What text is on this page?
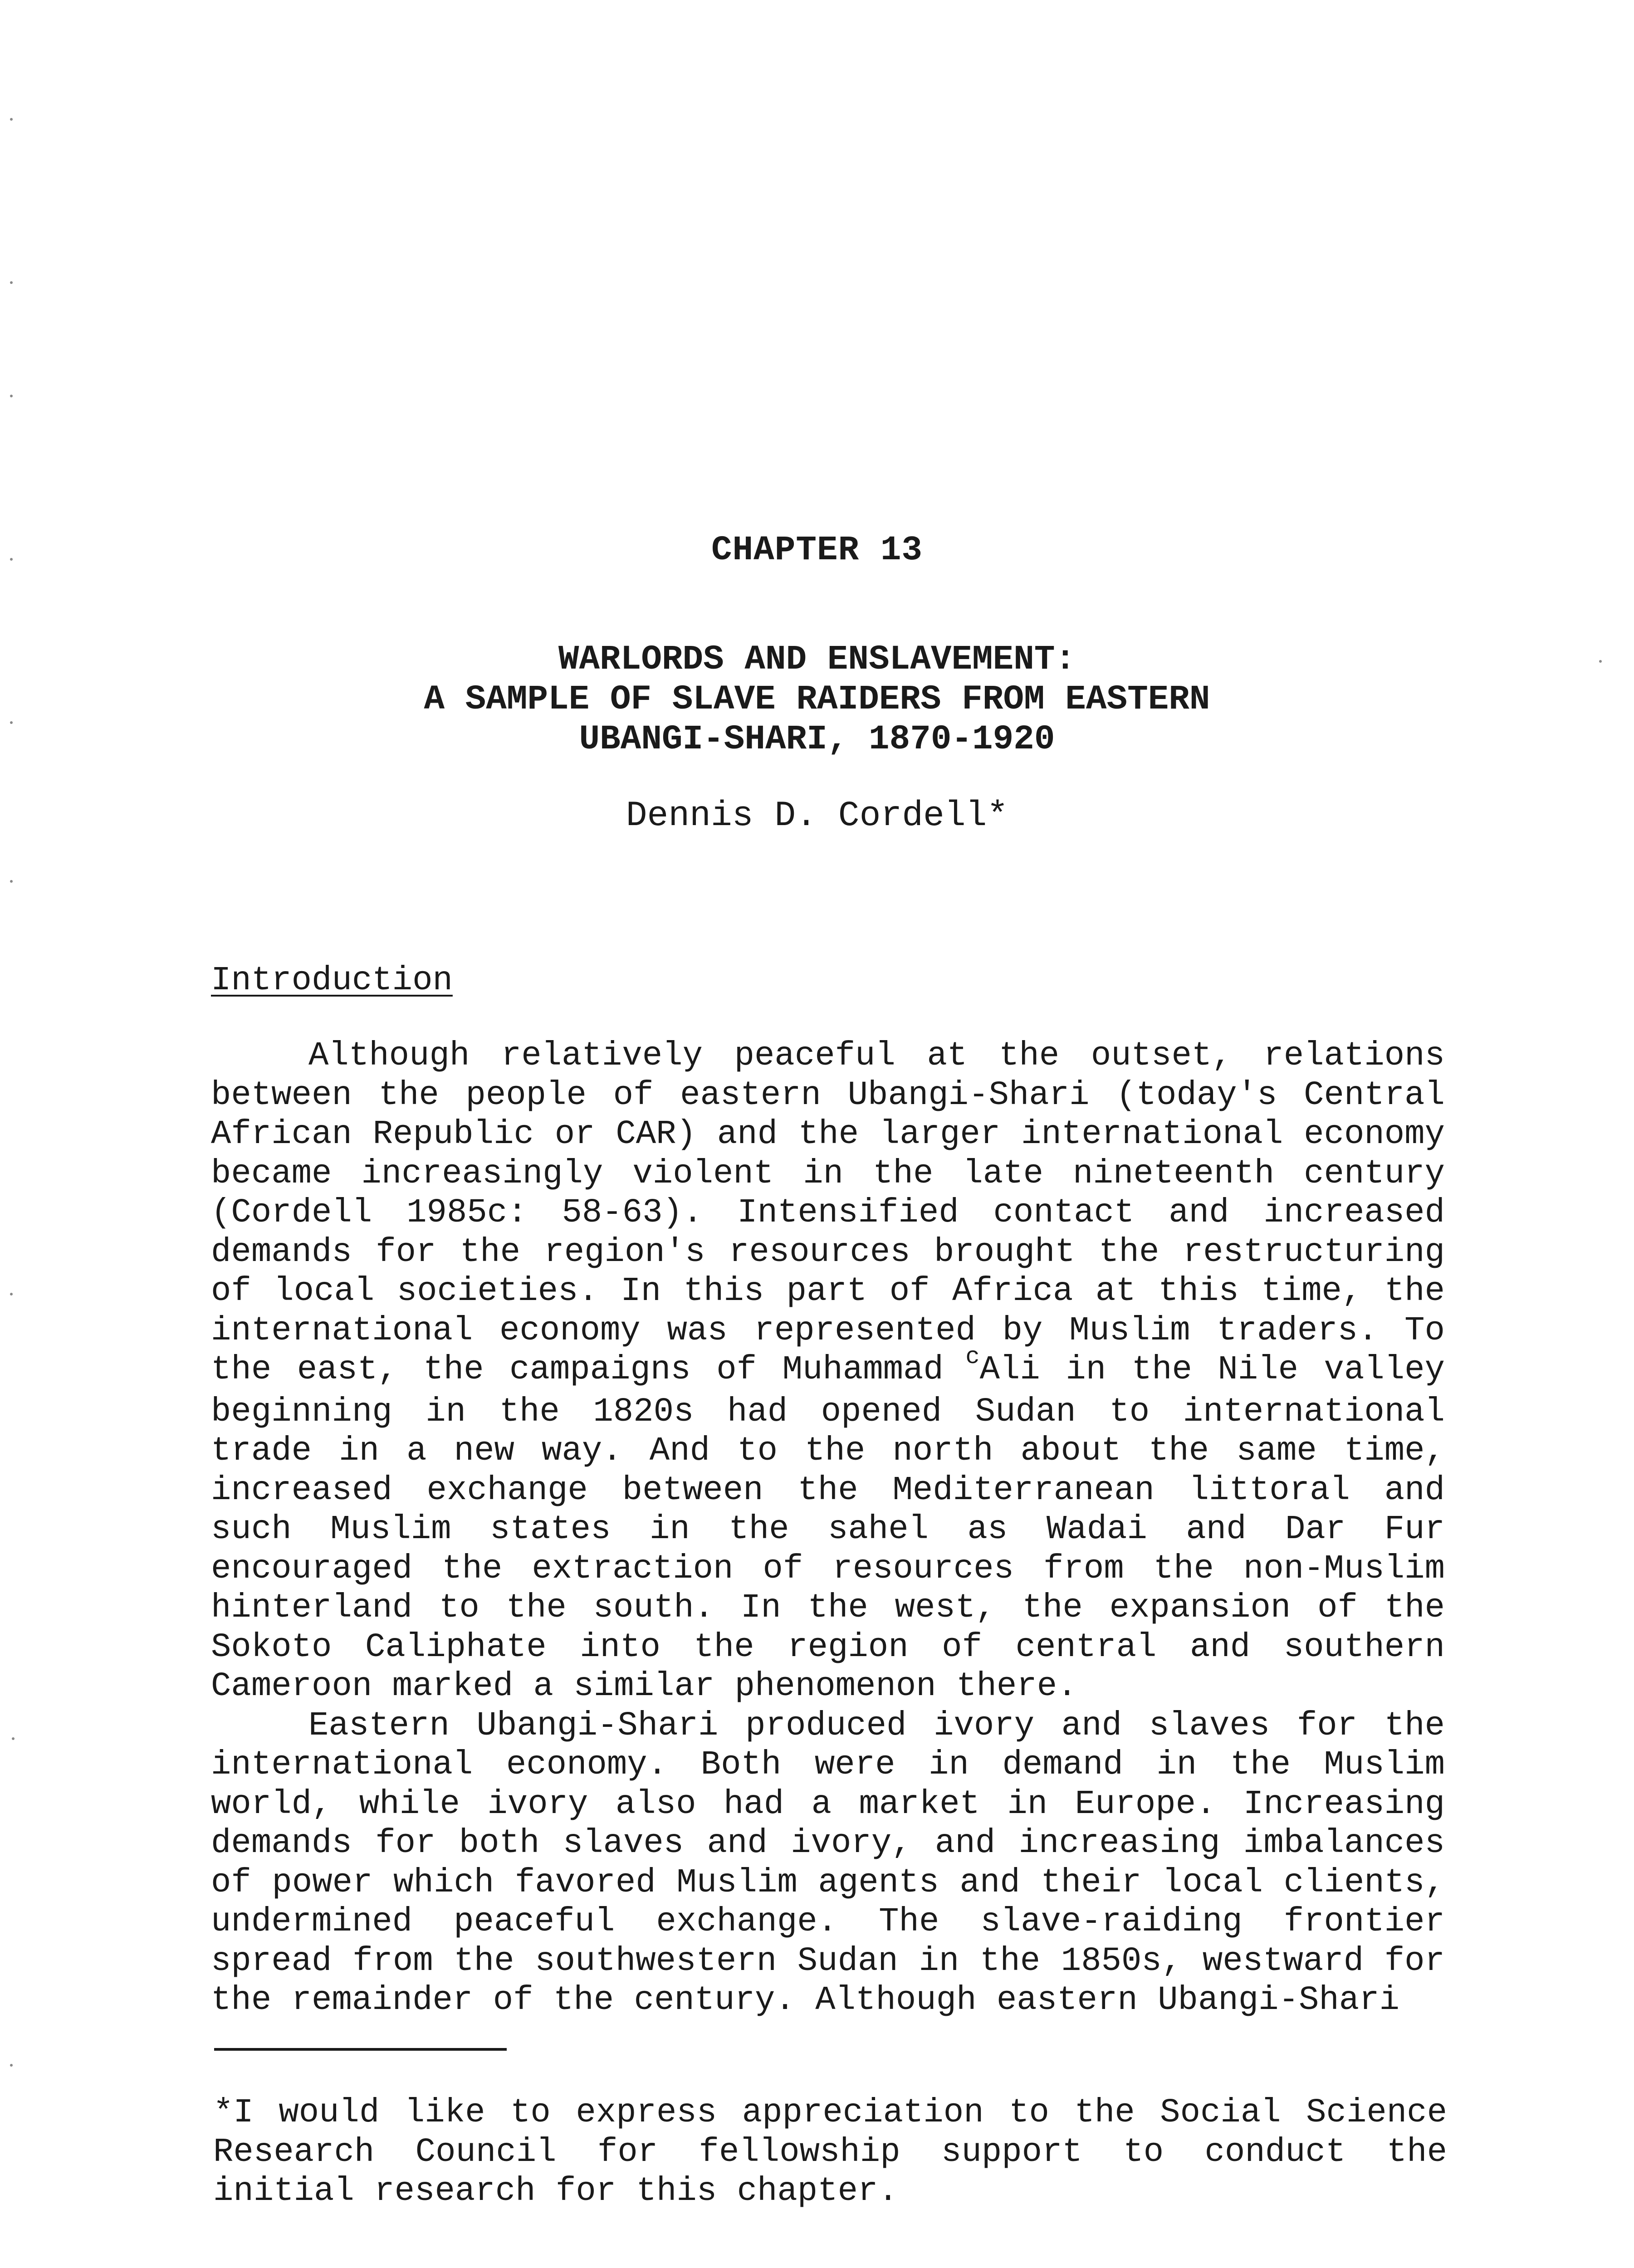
CHAPTER 13
WARLORDS AND ENSLAVEMENT:
A SAMPLE OF SLAVE RAIDERS FROM EASTERN
UBANGI-SHARI, 1870-1920
Dennis D. Cordell*
Introduction

Although relatively peaceful at the outset, relations between the people of eastern Ubangi-Shari (today's Central African Republic or CAR) and the larger international economy became increasingly violent in the late nineteenth century (Cordell 1985c: 58-63). Intensified contact and increased demands for the region's resources brought the restructuring of local societies. In this part of Africa at this time, the international economy was represented by Muslim traders. To the east, the campaigns of Muhammad $^c$Ali in the Nile valley beginning in the 1820s had opened Sudan to international trade in a new way. And to the north about the same time, increased exchange between the Mediterranean littoral and such Muslim states in the sahel as Wadai and Dar Fur encouraged the extraction of resources from the non-Muslim hinterland to the south. In the west, the expansion of the Sokoto Caliphate into the region of central and southern Cameroon marked a similar phenomenon there.

Eastern Ubangi-Shari produced ivory and slaves for the international economy. Both were in demand in the Muslim world, while ivory also had a market in Europe. Increasing demands for both slaves and ivory, and increasing imbalances of power which favored Muslim agents and their local clients, undermined peaceful exchange. The slave-raiding frontier spread from the southwestern Sudan in the 1850s, westward for the remainder of the century. Although eastern Ubangi-Shari

*I would like to express appreciation to the Social Science Research Council for fellowship support to conduct the initial research for this chapter.
